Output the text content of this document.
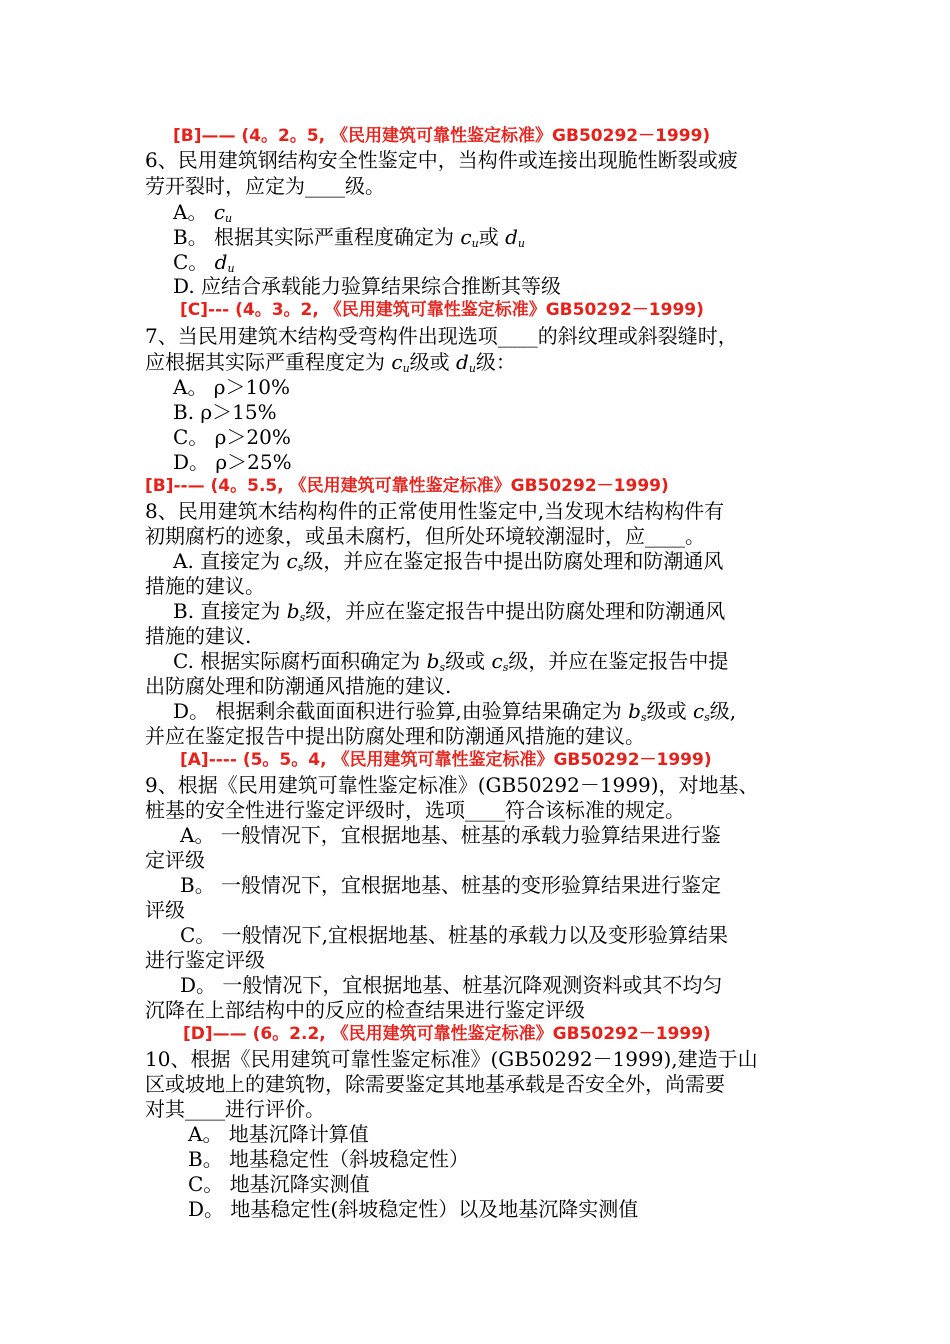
[B]—— (4。2。5, 《民用建筑可靠性鉴定标准》GB50292－1999)
6、民用建筑钢结构安全性鉴定中，当构件或连接出现脆性断裂或疲
劳开裂时，应定为____级。
A。 $c_u$
B。 根据其实际严重程度确定为 $c_u$或 $d_u$
C。 $d_u$
D. 应结合承载能力验算结果综合推断其等级
[C]--- (4。3。2, 《民用建筑可靠性鉴定标准》GB50292－1999)
7、当民用建筑木结构受弯构件出现选项____的斜纹理或斜裂缝时，
应根据其实际严重程度定为 $c_u$级或 $d_u$级：
A。 ρ＞10%
B. ρ＞15%
C。 ρ＞20%
D。 ρ＞25%
[B]--— (4。5.5, 《民用建筑可靠性鉴定标准》GB50292－1999)
8、民用建筑木结构构件的正常使用性鉴定中,当发现木结构构件有
初期腐朽的迹象，或虽未腐朽，但所处环境较潮湿时，应____。
A. 直接定为 $c_s$级，并应在鉴定报告中提出防腐处理和防潮通风
措施的建议。
B. 直接定为 $b_s$级，并应在鉴定报告中提出防腐处理和防潮通风
措施的建议.
C. 根据实际腐朽面积确定为 $b_s$级或 $c_s$级，并应在鉴定报告中提
出防腐处理和防潮通风措施的建议.
D。 根据剩余截面面积进行验算,由验算结果确定为 $b_s$级或 $c_s$级,
并应在鉴定报告中提出防腐处理和防潮通风措施的建议。
[A]---- (5。5。4, 《民用建筑可靠性鉴定标准》GB50292－1999)
9、根据《民用建筑可靠性鉴定标准》(GB50292－1999)，对地基、
桩基的安全性进行鉴定评级时，选项____符合该标准的规定。
A。 一般情况下，宜根据地基、桩基的承载力验算结果进行鉴
定评级
B。 一般情况下，宜根据地基、桩基的变形验算结果进行鉴定
评级
C。 一般情况下,宜根据地基、桩基的承载力以及变形验算结果
进行鉴定评级
D。 一般情况下，宜根据地基、桩基沉降观测资料或其不均匀
沉降在上部结构中的反应的检查结果进行鉴定评级
[D]—— (6。2.2, 《民用建筑可靠性鉴定标准》GB50292－1999)
10、根据《民用建筑可靠性鉴定标准》(GB50292－1999),建造于山
区或坡地上的建筑物，除需要鉴定其地基承载是否安全外，尚需要
对其____进行评价。
A。 地基沉降计算值
B。 地基稳定性（斜坡稳定性）
C。 地基沉降实测值
D。 地基稳定性(斜坡稳定性）以及地基沉降实测值
